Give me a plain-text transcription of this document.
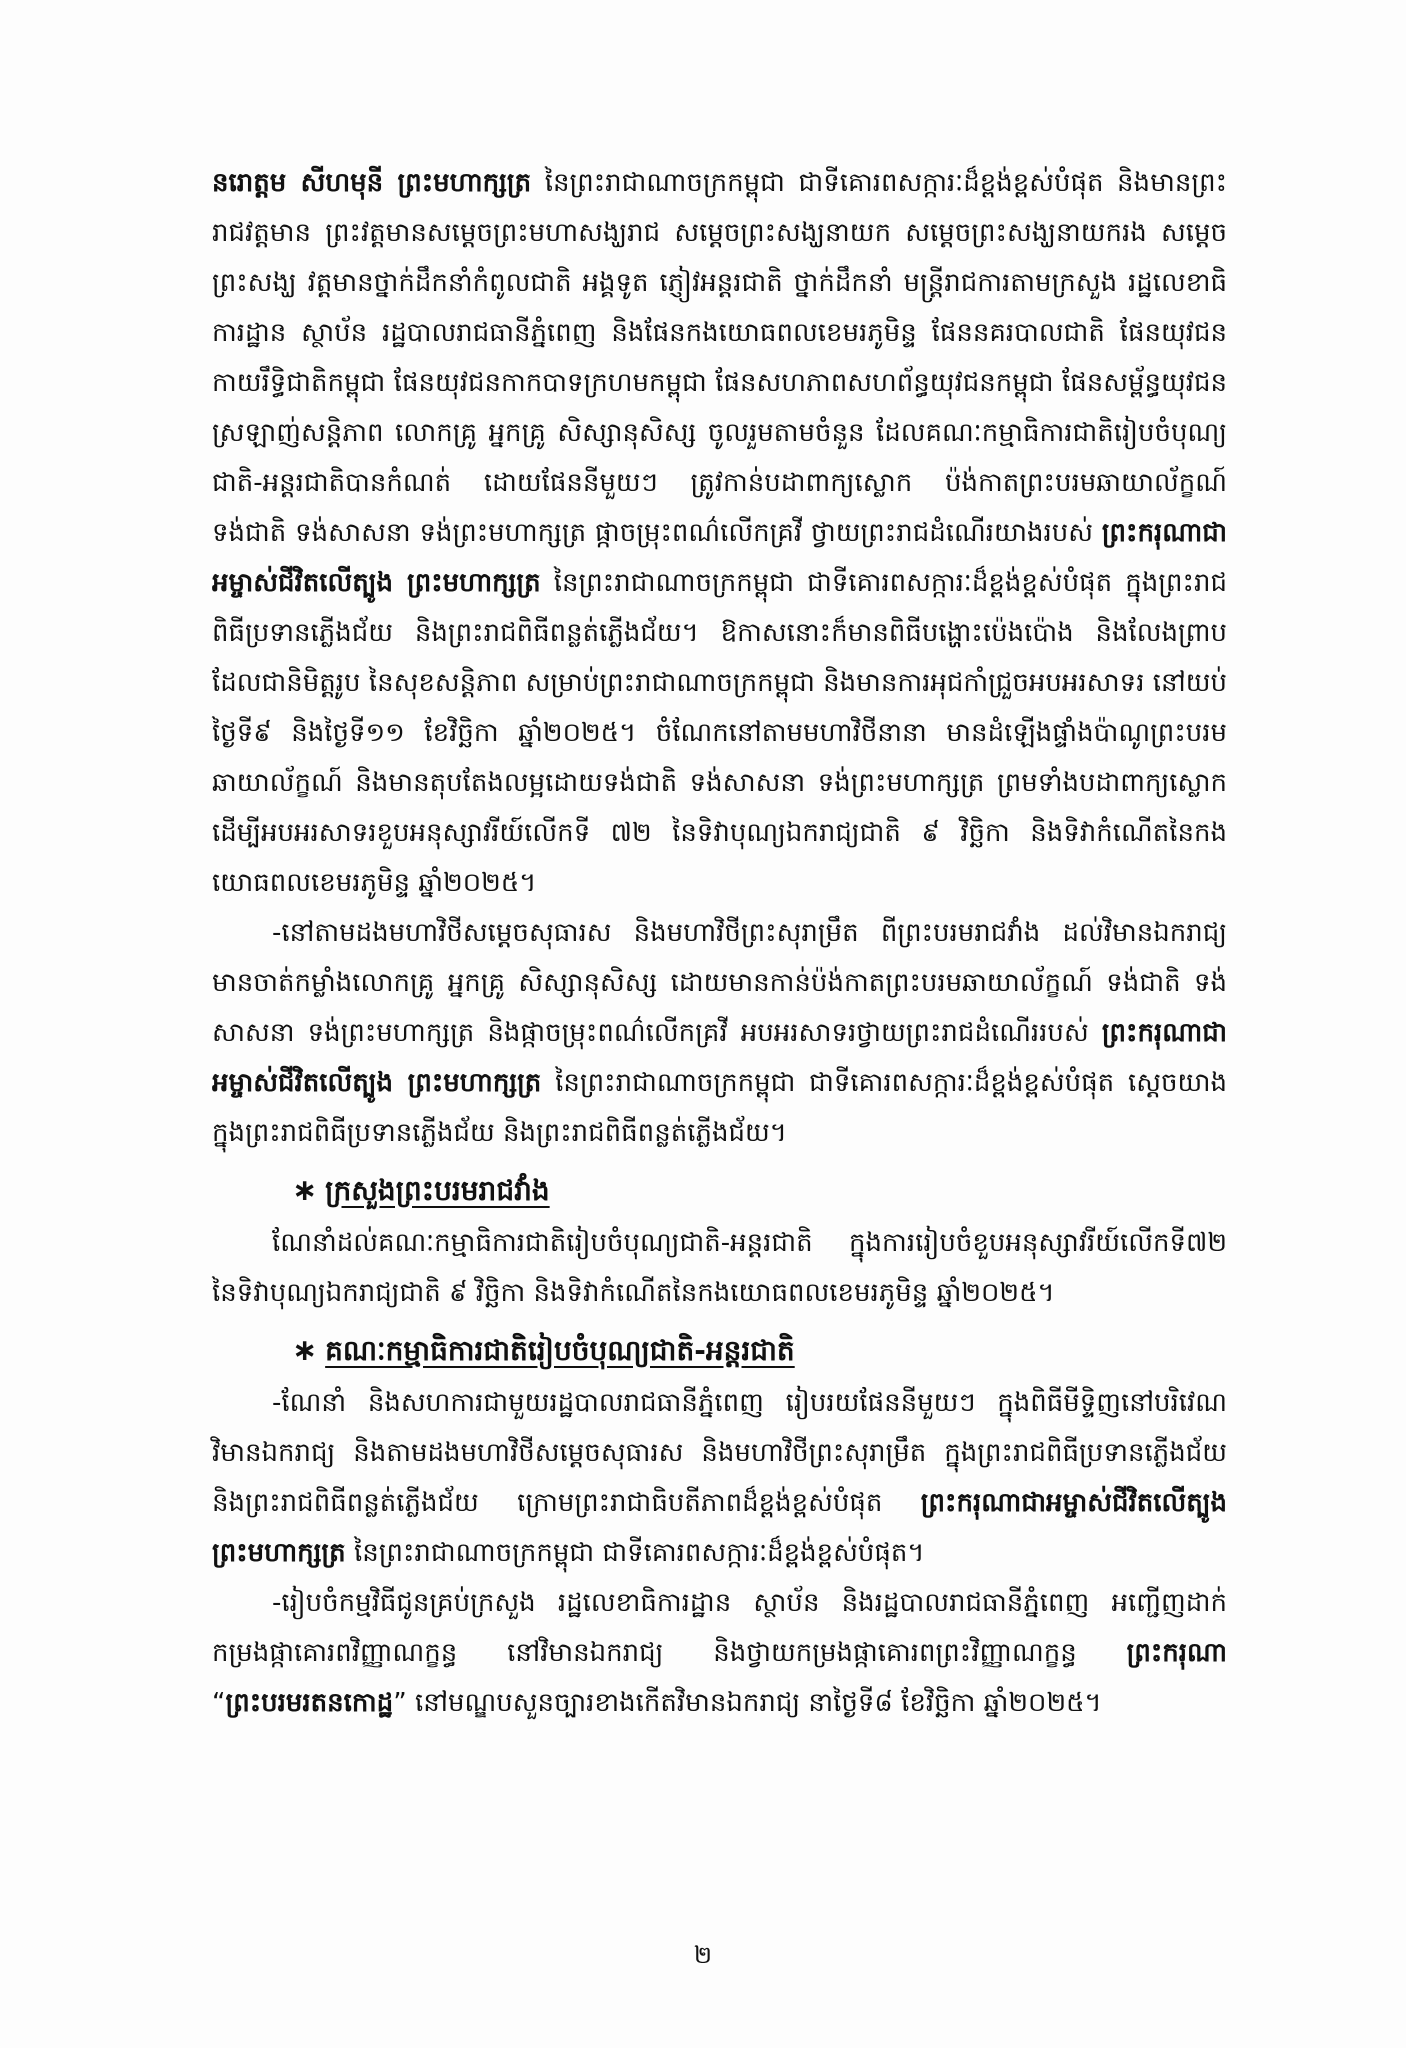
នរោត្តម សីហមុនី ព្រះមហាក្សត្រ នៃព្រះរាជាណាចក្រកម្ពុជា ជាទីគោរពសក្ការៈដ៏ខ្ពង់ខ្ពស់បំផុត និងមានព្រះរាជវត្តមាន ព្រះវត្តមានសម្តេចព្រះមហាសង្ឃរាជ សម្តេចព្រះសង្ឃនាយក សម្តេចព្រះសង្ឃនាយករង សម្តេចព្រះសង្ឃ វត្តមានថ្នាក់ដឹកនាំកំពូលជាតិ អង្គទូត ភ្ញៀវអន្តរជាតិ ថ្នាក់ដឹកនាំ មន្ត្រីរាជការតាមក្រសួង រដ្ឋលេខាធិការដ្ឋាន ស្ថាប័ន រដ្ឋបាលរាជធានីភ្នំពេញ និងផែនកងយោធពលខេមរភូមិន្ទ ផែននគរបាលជាតិ ផែនយុវជនកាយរឹទ្ធិជាតិកម្ពុជា ផែនយុវជនកាកបាទក្រហមកម្ពុជា ផែនសហភាពសហព័ន្ធយុវជនកម្ពុជា ផែនសម្ព័ន្ធយុវជនស្រឡាញ់សន្តិភាព លោកគ្រូ អ្នកគ្រូ សិស្សានុសិស្ស ចូលរួមតាមចំនួន ដែលគណៈកម្មាធិការជាតិរៀបចំបុណ្យជាតិ-អន្តរជាតិបានកំណត់ ដោយផែននីមួយៗ ត្រូវកាន់បដាពាក្យស្លោក ប៉ង់កាតព្រះបរមឆាយាល័ក្ខណ៍ ទង់ជាតិ ទង់សាសនា ទង់ព្រះមហាក្សត្រ ផ្កាចម្រុះពណ៌លើកគ្រវី ថ្វាយព្រះរាជដំណើរយាងរបស់ ព្រះករុណាជាអម្ចាស់ជីវិតលើត្បូង ព្រះមហាក្សត្រ នៃព្រះរាជាណាចក្រកម្ពុជា ជាទីគោរពសក្ការៈដ៏ខ្ពង់ខ្ពស់បំផុត ក្នុងព្រះរាជពិធីប្រទានភ្លើងជ័យ និងព្រះរាជពិធីពន្លត់ភ្លើងជ័យ។ ឱកាសនោះក៏មានពិធីបង្ហោះប៉េងប៉ោង និងលែងព្រាប ដែលជានិមិត្តរូប នៃសុខសន្តិភាព សម្រាប់ព្រះរាជាណាចក្រកម្ពុជា និងមានការអុជកាំជ្រួចអបអរសាទរ នៅយប់ថ្ងៃទី៩ និងថ្ងៃទី១១ ខែវិច្ឆិកា ឆ្នាំ២០២៥។ ចំណែកនៅតាមមហាវិថីនានា មានដំឡើងផ្ទាំងប៉ាណូព្រះបរមឆាយាល័ក្ខណ៍ និងមានតុបតែងលម្អដោយទង់ជាតិ ទង់សាសនា ទង់ព្រះមហាក្សត្រ ព្រមទាំងបដាពាក្យស្លោក ដើម្បីអបអរសាទរខួបអនុស្សាវរីយ៍លើកទី ៧២ នៃទិវាបុណ្យឯករាជ្យជាតិ ៩ វិច្ឆិកា និងទិវាកំណើតនៃកងយោធពលខេមរភូមិន្ទ ឆ្នាំ២០២៥។

-នៅតាមដងមហាវិថីសម្តេចសុធារស និងមហាវិថីព្រះសុរាម្រឹត ពីព្រះបរមរាជវាំង ដល់វិមានឯករាជ្យ មានចាត់កម្លាំងលោកគ្រូ អ្នកគ្រូ សិស្សានុសិស្ស ដោយមានកាន់ប៉ង់កាតព្រះបរមឆាយាល័ក្ខណ៍ ទង់ជាតិ ទង់សាសនា ទង់ព្រះមហាក្សត្រ និងផ្កាចម្រុះពណ៌លើកគ្រវី អបអរសាទរថ្វាយព្រះរាជដំណើររបស់ ព្រះករុណាជាអម្ចាស់ជីវិតលើត្បូង ព្រះមហាក្សត្រ នៃព្រះរាជាណាចក្រកម្ពុជា ជាទីគោរពសក្ការៈដ៏ខ្ពង់ខ្ពស់បំផុត ស្តេចយាងក្នុងព្រះរាជពិធីប្រទានភ្លើងជ័យ និងព្រះរាជពិធីពន្លត់ភ្លើងជ័យ។

∗ ក្រសួងព្រះបរមរាជវាំង

ណែនាំដល់គណៈកម្មាធិការជាតិរៀបចំបុណ្យជាតិ-អន្តរជាតិ ក្នុងការរៀបចំខួបអនុស្សាវរីយ៍លើកទី៧២ នៃទិវាបុណ្យឯករាជ្យជាតិ ៩ វិច្ឆិកា និងទិវាកំណើតនៃកងយោធពលខេមរភូមិន្ទ ឆ្នាំ២០២៥។

∗ គណៈកម្មាធិការជាតិរៀបចំបុណ្យជាតិ-អន្តរជាតិ

-ណែនាំ និងសហការជាមួយរដ្ឋបាលរាជធានីភ្នំពេញ រៀបរយផែននីមួយៗ ក្នុងពិធីមីទ្ទិញនៅបរិវេណវិមានឯករាជ្យ និងតាមដងមហាវិថីសម្តេចសុធារស និងមហាវិថីព្រះសុរាម្រឹត ក្នុងព្រះរាជពិធីប្រទានភ្លើងជ័យ និងព្រះរាជពិធីពន្លត់ភ្លើងជ័យ ក្រោមព្រះរាជាធិបតីភាពដ៏ខ្ពង់ខ្ពស់បំផុត ព្រះករុណាជាអម្ចាស់ជីវិតលើត្បូង ព្រះមហាក្សត្រ នៃព្រះរាជាណាចក្រកម្ពុជា ជាទីគោរពសក្ការៈដ៏ខ្ពង់ខ្ពស់បំផុត។

-រៀបចំកម្មវិធីជូនគ្រប់ក្រសួង រដ្ឋលេខាធិការដ្ឋាន ស្ថាប័ន និងរដ្ឋបាលរាជធានីភ្នំពេញ អញ្ជើញដាក់កម្រងផ្កាគោរពវិញ្ញាណក្ខន្ធ នៅវិមានឯករាជ្យ និងថ្វាយកម្រងផ្កាគោរពព្រះវិញ្ញាណក្ខន្ធ ព្រះករុណា “ព្រះបរមរតនកោដ្ឋ” នៅមណ្ឌបសួនច្បារខាងកើតវិមានឯករាជ្យ នាថ្ងៃទី៨ ខែវិច្ឆិកា ឆ្នាំ២០២៥។

២
